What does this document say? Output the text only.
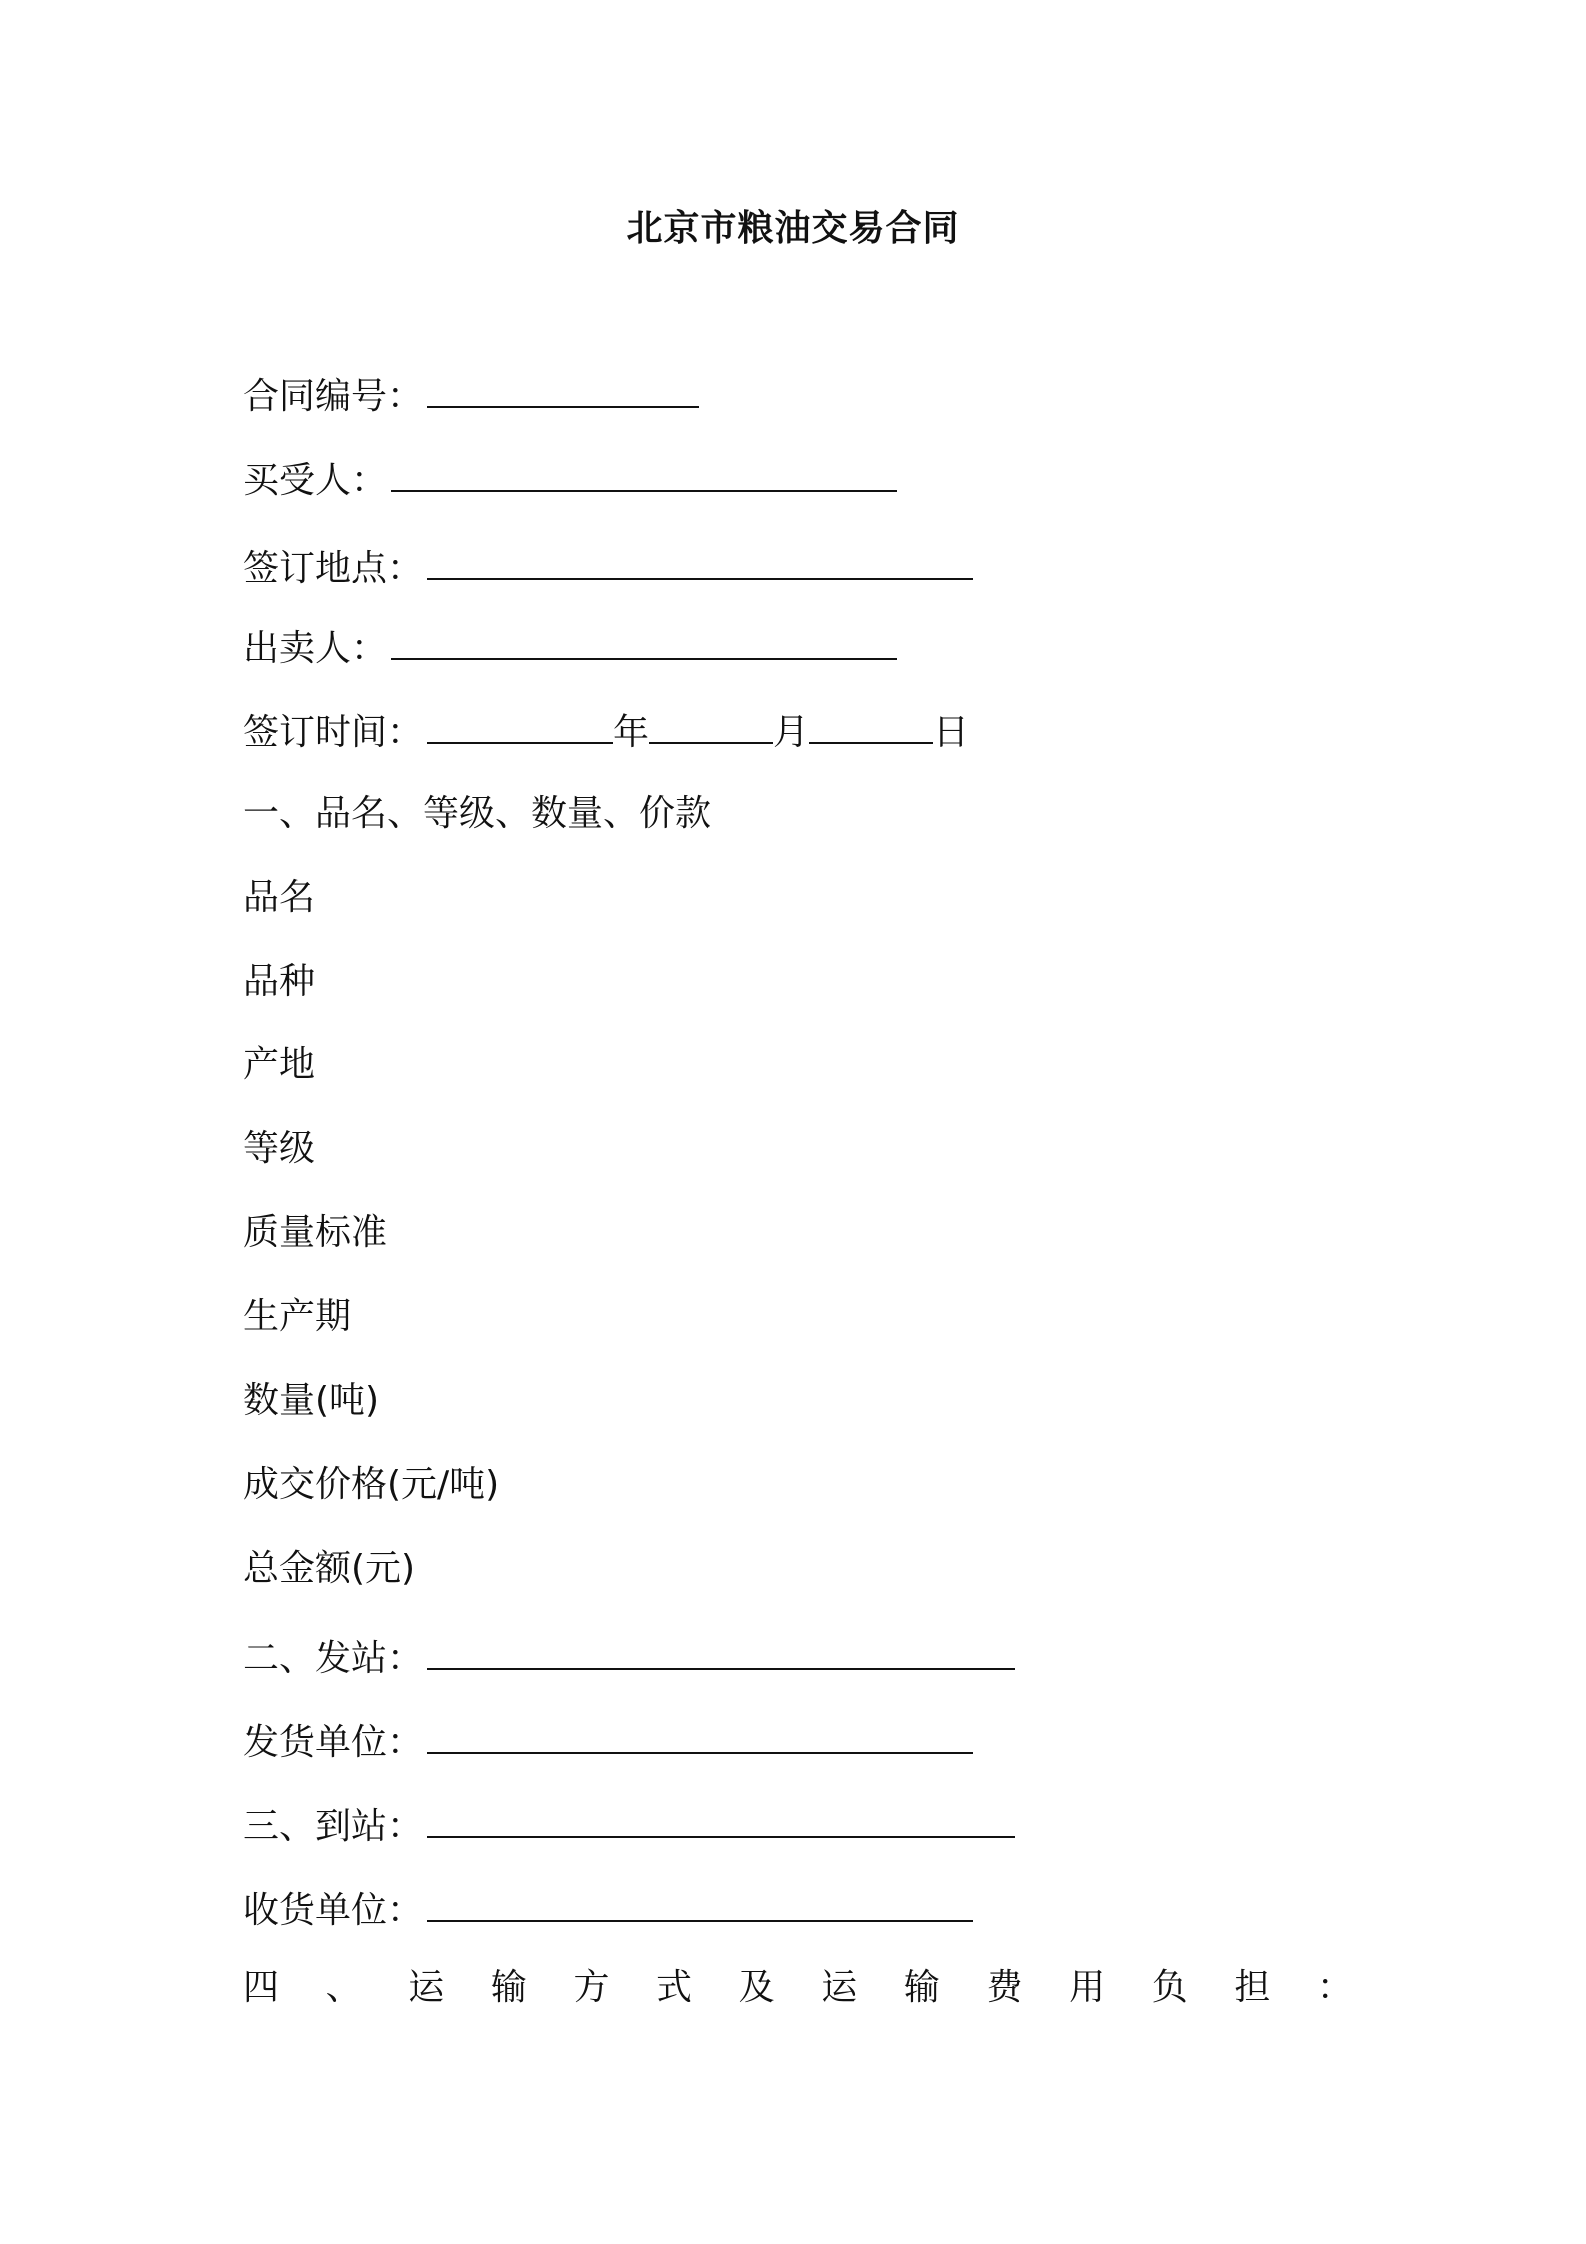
北京市粮油交易合同
合同编号：
买受人：
签订地点：
出卖人：
签订时间：	年	月	日
一、品名、等级、数量、价款
品名
品种
产地
等级
质量标准
生产期
数量(吨)
成交价格(元/吨)
总金额(元)
二、发站：
发货单位：
三、到站：
收货单位：
四 、 运 输 方 式 及 运 输 费 用 负 担 ：
